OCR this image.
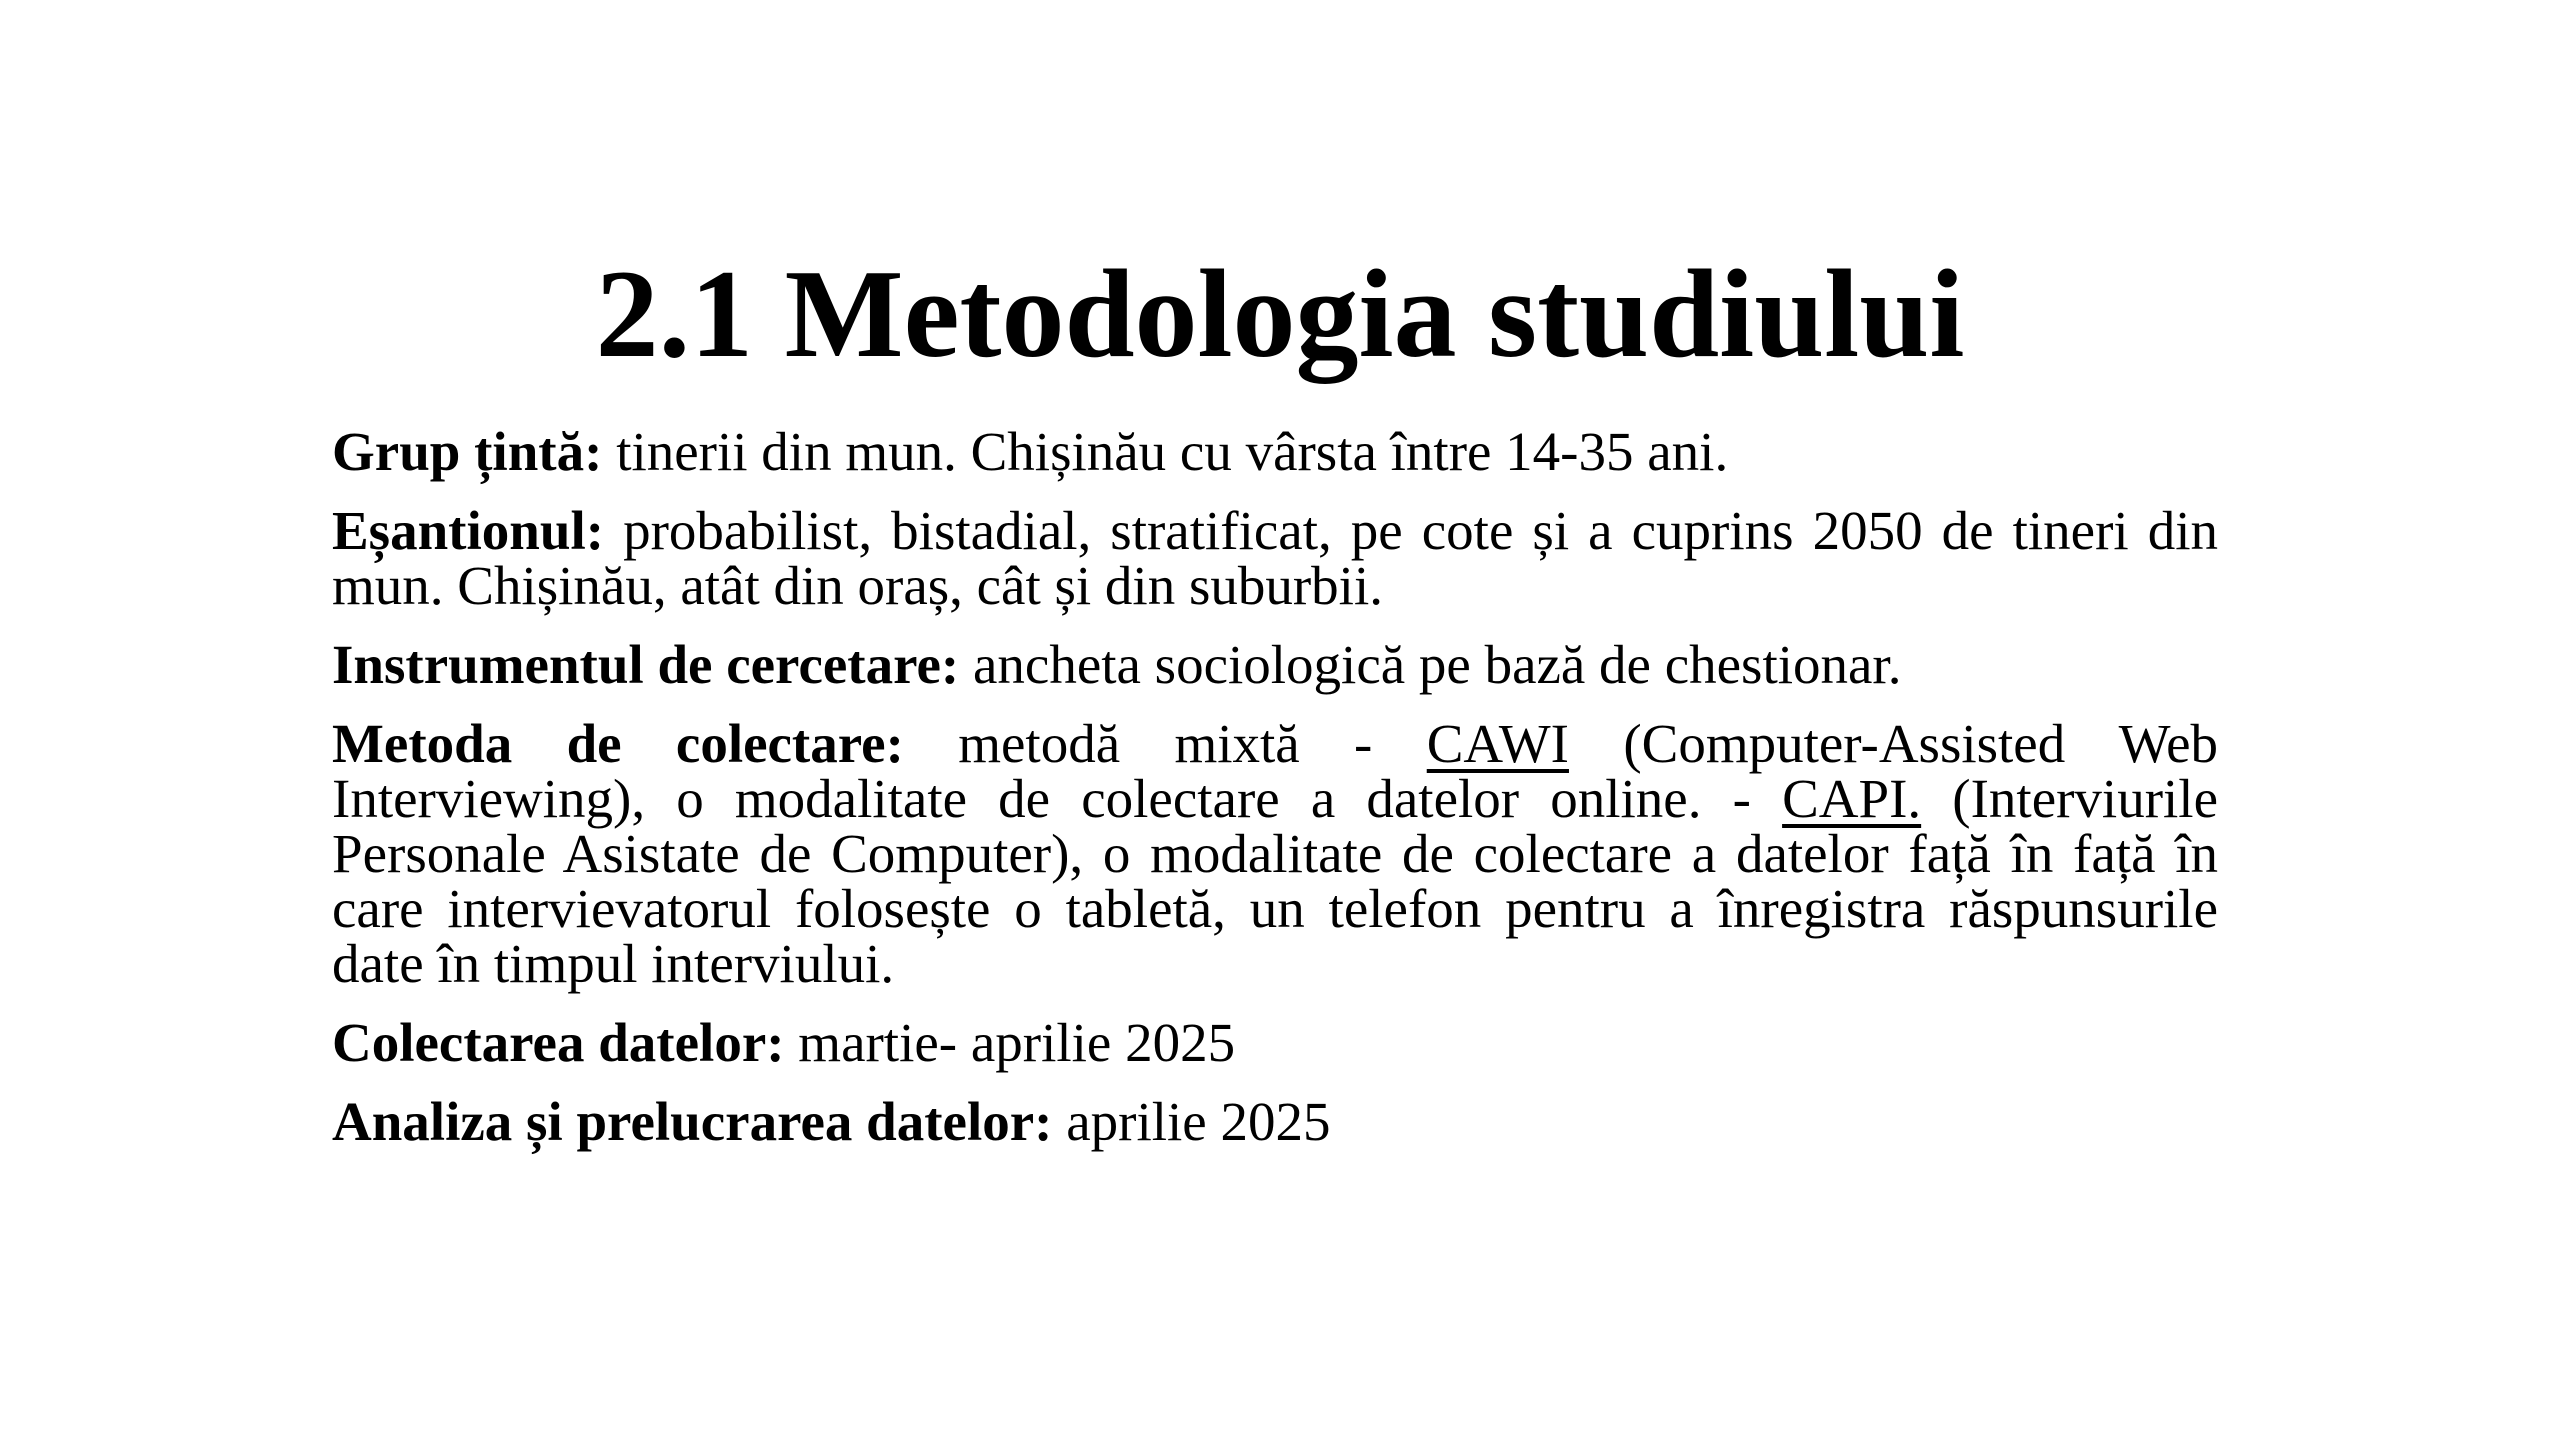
2.1 Metodologia studiului

Grup țintă: tinerii din mun. Chișinău cu vârsta între 14-35 ani.

Eșantionul: probabilist, bistadial, stratificat, pe cote și a cuprins 2050 de tineri din mun. Chișinău, atât din oraș, cât și din suburbii.

Instrumentul de cercetare: ancheta sociologică pe bază de chestionar.

Metoda de colectare: metodă mixtă - CAWI (Computer-Assisted Web Interviewing), o modalitate de colectare a datelor online. - CAPI. (Interviurile Personale Asistate de Computer), o modalitate de colectare a datelor față în față în care intervievatorul folosește o tabletă, un telefon pentru a înregistra răspunsurile date în timpul interviului.

Colectarea datelor: martie- aprilie 2025

Analiza și prelucrarea datelor: aprilie 2025
